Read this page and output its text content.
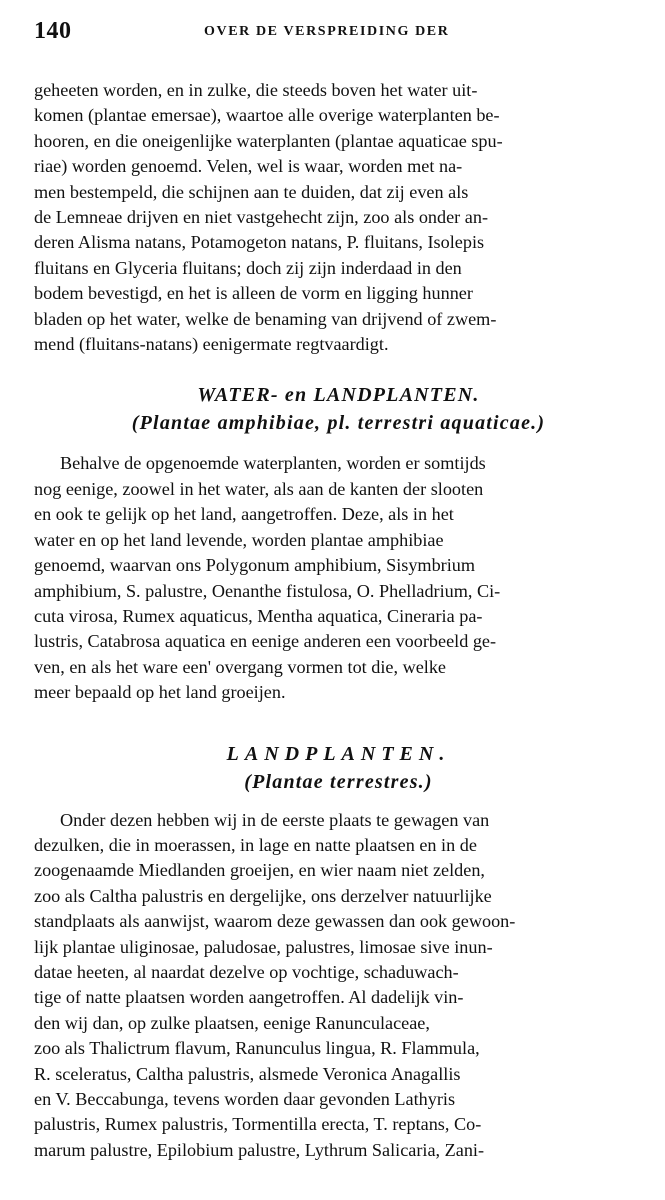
140	OVER DE VERSPREIDING DER

geheeten worden, en in zulke, die steeds boven het water uit-
komen (plantae emersae), waartoe alle overige waterplanten be-
hooren, en die oneigenlijke waterplanten (plantae aquaticae spu-
riae) worden genoemd. Velen, wel is waar, worden met na-
men bestempeld, die schijnen aan te duiden, dat zij even als
de Lemneae drijven en niet vastgehecht zijn, zoo als onder an-
deren Alisma natans, Potamogeton natans, P. fluitans, Isolepis
fluitans en Glyceria fluitans; doch zij zijn inderdaad in den
bodem bevestigd, en het is alleen de vorm en ligging hunner
bladen op het water, welke de benaming van drijvend of zwem-
mend (fluitans-natans) eenigermate regtvaardigt.

WATER- en LANDPLANTEN.
(Plantae amphibiae, pl. terrestri aquaticae.)

Behalve de opgenoemde waterplanten, worden er somtijds
nog eenige, zoowel in het water, als aan de kanten der slooten
en ook te gelijk op het land, aangetroffen. Deze, als in het
water en op het land levende, worden plantae amphibiae
genoemd, waarvan ons Polygonum amphibium, Sisymbrium
amphibium, S. palustre, Oenanthe fistulosa, O. Phelladrium, Ci-
cuta virosa, Rumex aquaticus, Mentha aquatica, Cineraria pa-
lustris, Catabrosa aquatica en eenige anderen een voorbeeld ge-
ven, en als het ware een' overgang vormen tot die, welke
meer bepaald op het land groeijen.

LANDPLANTEN.
(Plantae terrestres.)

Onder dezen hebben wij in de eerste plaats te gewagen van
dezulken, die in moerassen, in lage en natte plaatsen en in de
zoogenaamde Miedlanden groeijen, en wier naam niet zelden,
zoo als Caltha palustris en dergelijke, ons derzelver natuurlijke
standplaats als aanwijst, waarom deze gewassen dan ook gewoon-
lijk plantae uliginosae, paludosae, palustres, limosae sive inun-
datae heeten, al naardat dezelve op vochtige, schaduwach-
tige of natte plaatsen worden aangetroffen. Al dadelijk vin-
den wij dan, op zulke plaatsen, eenige Ranunculaceae,
zoo als Thalictrum flavum, Ranunculus lingua, R. Flammula,
R. sceleratus, Caltha palustris, alsmede Veronica Anagallis
en V. Beccabunga, tevens worden daar gevonden Lathyris
palustris, Rumex palustris, Tormentilla erecta, T. reptans, Co-
marum palustre, Epilobium palustre, Lythrum Salicaria, Zani-
